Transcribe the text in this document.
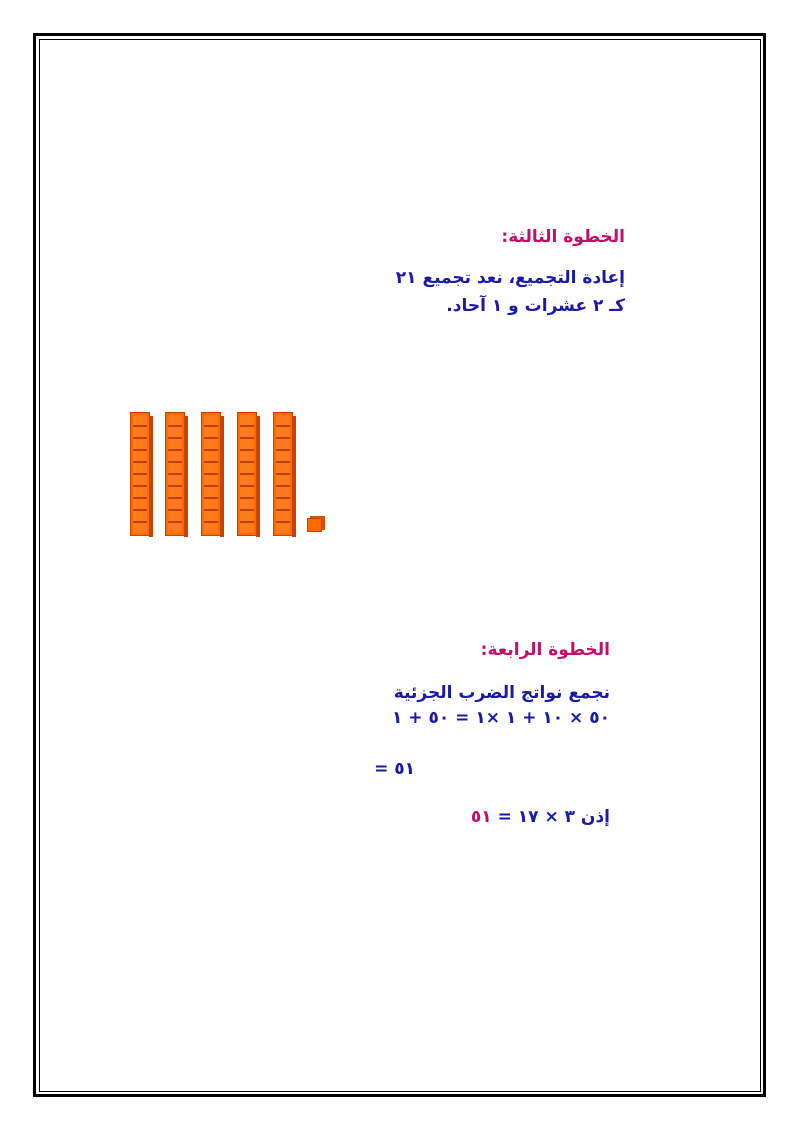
الخطوة الثالثة:
إعادة التجميع، نعد تجميع ٢١
كـ ٢ عشرات و ١ آحاد.
الخطوة الرابعة:
نجمع نواتج الضرب الجزئية
٥٠ × ١٠ + ١ ×١ = ٥٠ + ١
= ٥١
إذن ٣ × ١٧ = ٥١
